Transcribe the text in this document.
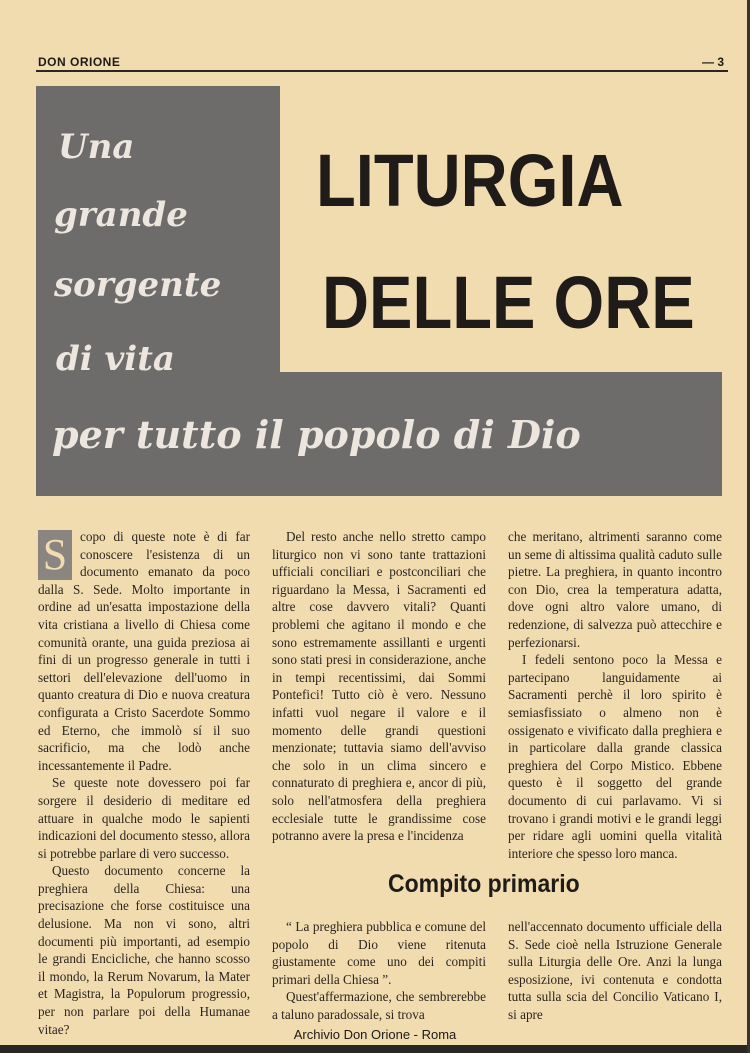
DON ORIONE	— 3
Una
grande
sorgente
di vita
per tutto il popolo di Dio
LITURGIA
DELLE ORE

S copo di queste note è di far conoscere l'esistenza di un documento emanato da poco dalla S. Sede. Molto importante in ordine ad un'esatta impostazione della vita cristiana a livello di Chiesa come comunità orante, una guida preziosa ai fini di un progresso generale in tutti i settori dell'elevazione dell'uomo in quanto creatura di Dio e nuova creatura configurata a Cristo Sacerdote Sommo ed Eterno, che immolò sí il suo sacrificio, ma che lodò anche incessantemente il Padre.

Se queste note dovessero poi far sorgere il desiderio di meditare ed attuare in qualche modo le sapienti indicazioni del documento stesso, allora si potrebbe parlare di vero successo.

Questo documento concerne la preghiera della Chiesa: una precisazione che forse costituisce una delusione. Ma non vi sono, altri documenti più importanti, ad esempio le grandi Encicliche, che hanno scosso il mondo, la Rerum Novarum, la Mater et Magistra, la Populorum progressio, per non parlare poi della Humanae vitae?

Del resto anche nello stretto campo liturgico non vi sono tante trattazioni ufficiali conciliari e postconciliari che riguardano la Messa, i Sacramenti ed altre cose davvero vitali? Quanti problemi che agitano il mondo e che sono estremamente assillanti e urgenti sono stati presi in considerazione, anche in tempi recentissimi, dai Sommi Pontefici! Tutto ciò è vero. Nessuno infatti vuol negare il valore e il momento delle grandi questioni menzionate; tuttavia siamo dell'avviso che solo in un clima sincero e connaturato di preghiera e, ancor di più, solo nell'atmosfera della preghiera ecclesiale tutte le grandissime cose potranno avere la presa e l'incidenza

che meritano, altrimenti saranno come un seme di altissima qualità caduto sulle pietre. La preghiera, in quanto incontro con Dio, crea la temperatura adatta, dove ogni altro valore umano, di redenzione, di salvezza può attecchire e perfezionarsi.

I fedeli sentono poco la Messa e partecipano languidamente ai Sacramenti perchè il loro spirito è semiasfissiato o almeno non è ossigenato e vivificato dalla preghiera e in particolare dalla grande classica preghiera del Corpo Mistico. Ebbene questo è il soggetto del grande documento di cui parlavamo. Vi si trovano i grandi motivi e le grandi leggi per ridare agli uomini quella vitalità interiore che spesso loro manca.

Compito primario

“ La preghiera pubblica e comune del popolo di Dio viene ritenuta giustamente come uno dei compiti primari della Chiesa ”.

Quest'affermazione, che sembrerebbe a taluno paradossale, si trova

nell'accennato documento ufficiale della S. Sede cioè nella Istruzione Generale sulla Liturgia delle Ore. Anzi la lunga esposizione, ivi contenuta e condotta tutta sulla scia del Concilio Vaticano I, si apre

Archivio Don Orione - Roma
